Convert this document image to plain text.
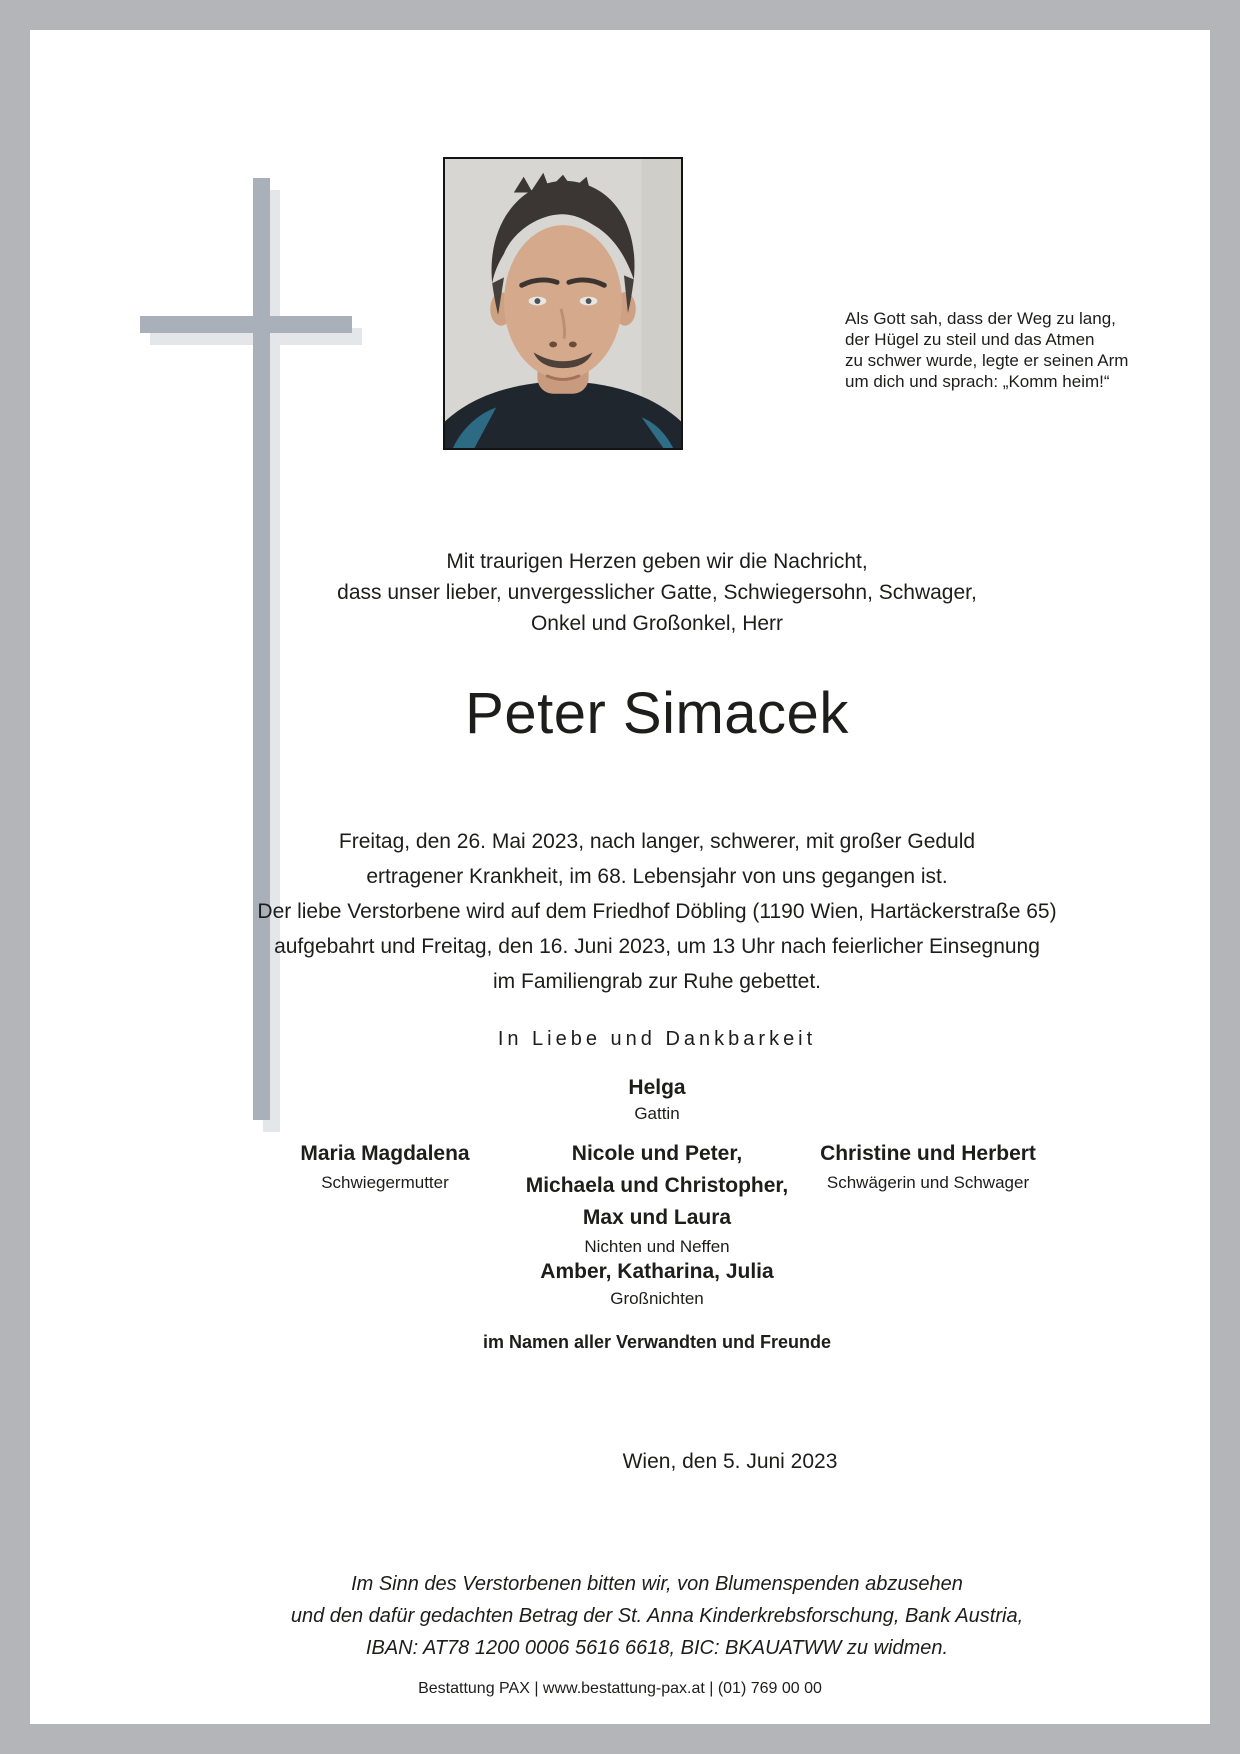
Als Gott sah, dass der Weg zu lang,
der Hügel zu steil und das Atmen
zu schwer wurde, legte er seinen Arm
um dich und sprach: „Komm heim!“
Mit traurigen Herzen geben wir die Nachricht,
dass unser lieber, unvergesslicher Gatte, Schwiegersohn, Schwager,
Onkel und Großonkel, Herr
Peter Simacek
Freitag, den 26. Mai 2023, nach langer, schwerer, mit großer Geduld
ertragener Krankheit, im 68. Lebensjahr von uns gegangen ist.
Der liebe Verstorbene wird auf dem Friedhof Döbling (1190 Wien, Hartäckerstraße 65)
aufgebahrt und Freitag, den 16. Juni 2023, um 13 Uhr nach feierlicher Einsegnung
im Familiengrab zur Ruhe gebettet.
In Liebe und Dankbarkeit
Helga
Gattin
Maria Magdalena
Schwiegermutter
Nicole und Peter,
Michaela und Christopher,
Max und Laura
Nichten und Neffen
Christine und Herbert
Schwägerin und Schwager
Amber, Katharina, Julia
Großnichten
im Namen aller Verwandten und Freunde
Wien, den 5. Juni 2023
Im Sinn des Verstorbenen bitten wir, von Blumenspenden abzusehen
und den dafür gedachten Betrag der St. Anna Kinderkrebsforschung, Bank Austria,
IBAN: AT78 1200 0006 5616 6618, BIC: BKAUATWW zu widmen.
Bestattung PAX | www.bestattung-pax.at | (01) 769 00 00
